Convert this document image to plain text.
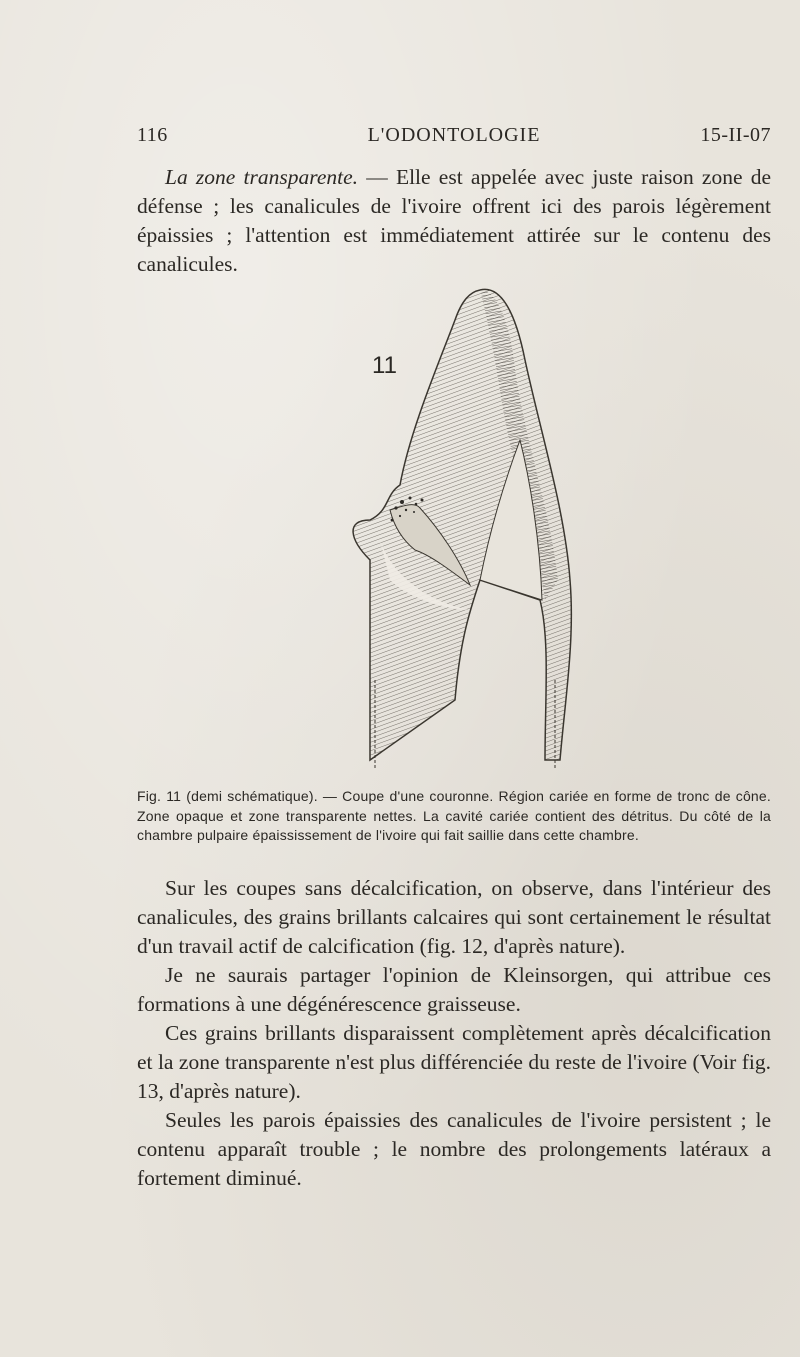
116	L'ODONTOLOGIE	15-II-07

La zone transparente. — Elle est appelée avec juste raison zone de défense ; les canalicules de l'ivoire offrent ici des parois légèrement épaissies ; l'attention est immédiatement attirée sur le contenu des canalicules.

11
Fig. 11 (demi schématique). — Coupe d'une couronne. Région cariée en forme de tronc de cône. Zone opaque et zone transparente nettes. La cavité cariée contient des détritus. Du côté de la chambre pulpaire épaississement de l'ivoire qui fait saillie dans cette chambre.

Sur les coupes sans décalcification, on observe, dans l'intérieur des canalicules, des grains brillants calcaires qui sont certainement le résultat d'un travail actif de calcification (fig. 12, d'après nature).

Je ne saurais partager l'opinion de Kleinsorgen, qui attribue ces formations à une dégénérescence graisseuse.

Ces grains brillants disparaissent complètement après décalcification et la zone transparente n'est plus différenciée du reste de l'ivoire (Voir fig. 13, d'après nature).

Seules les parois épaissies des canalicules de l'ivoire persistent ; le contenu apparaît trouble ; le nombre des prolongements latéraux a fortement diminué.
